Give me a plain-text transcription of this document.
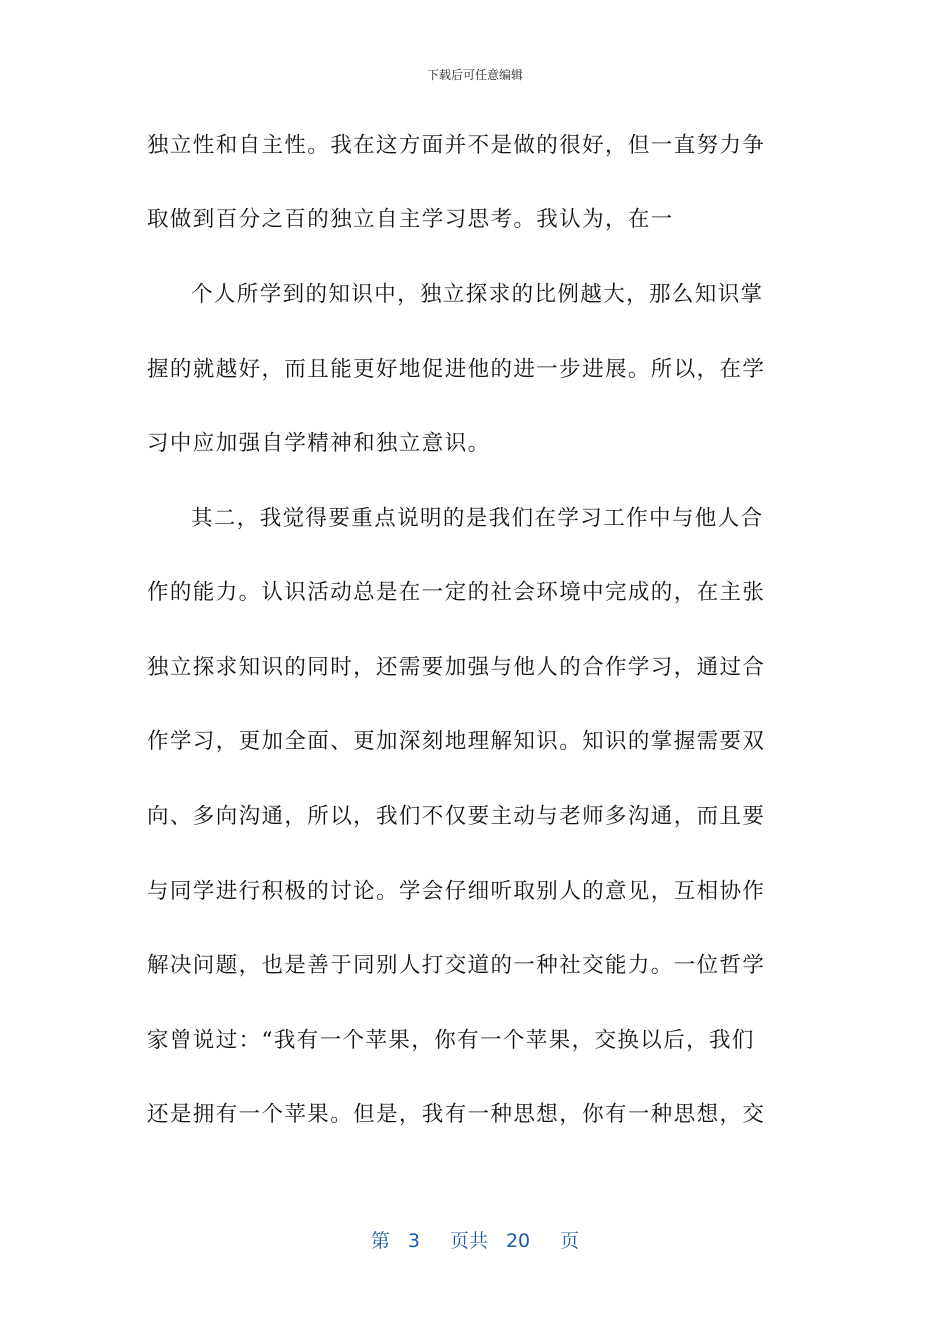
下载后可任意编辑
独立性和自主性。我在这方面并不是做的很好，但一直努力争
取做到百分之百的独立自主学习思考。我认为，在一
个人所学到的知识中，独立探求的比例越大，那么知识掌
握的就越好，而且能更好地促进他的进一步进展。所以，在学
习中应加强自学精神和独立意识。
其二，我觉得要重点说明的是我们在学习工作中与他人合
作的能力。认识活动总是在一定的社会环境中完成的，在主张
独立探求知识的同时，还需要加强与他人的合作学习，通过合
作学习，更加全面、更加深刻地理解知识。知识的掌握需要双
向、多向沟通，所以，我们不仅要主动与老师多沟通，而且要
与同学进行积极的讨论。学会仔细听取别人的意见，互相协作
解决问题，也是善于同别人打交道的一种社交能力。一位哲学
家曾说过：“我有一个苹果，你有一个苹果，交换以后，我们
还是拥有一个苹果。但是，我有一种思想，你有一种思想，交
第 3 页共 20 页
